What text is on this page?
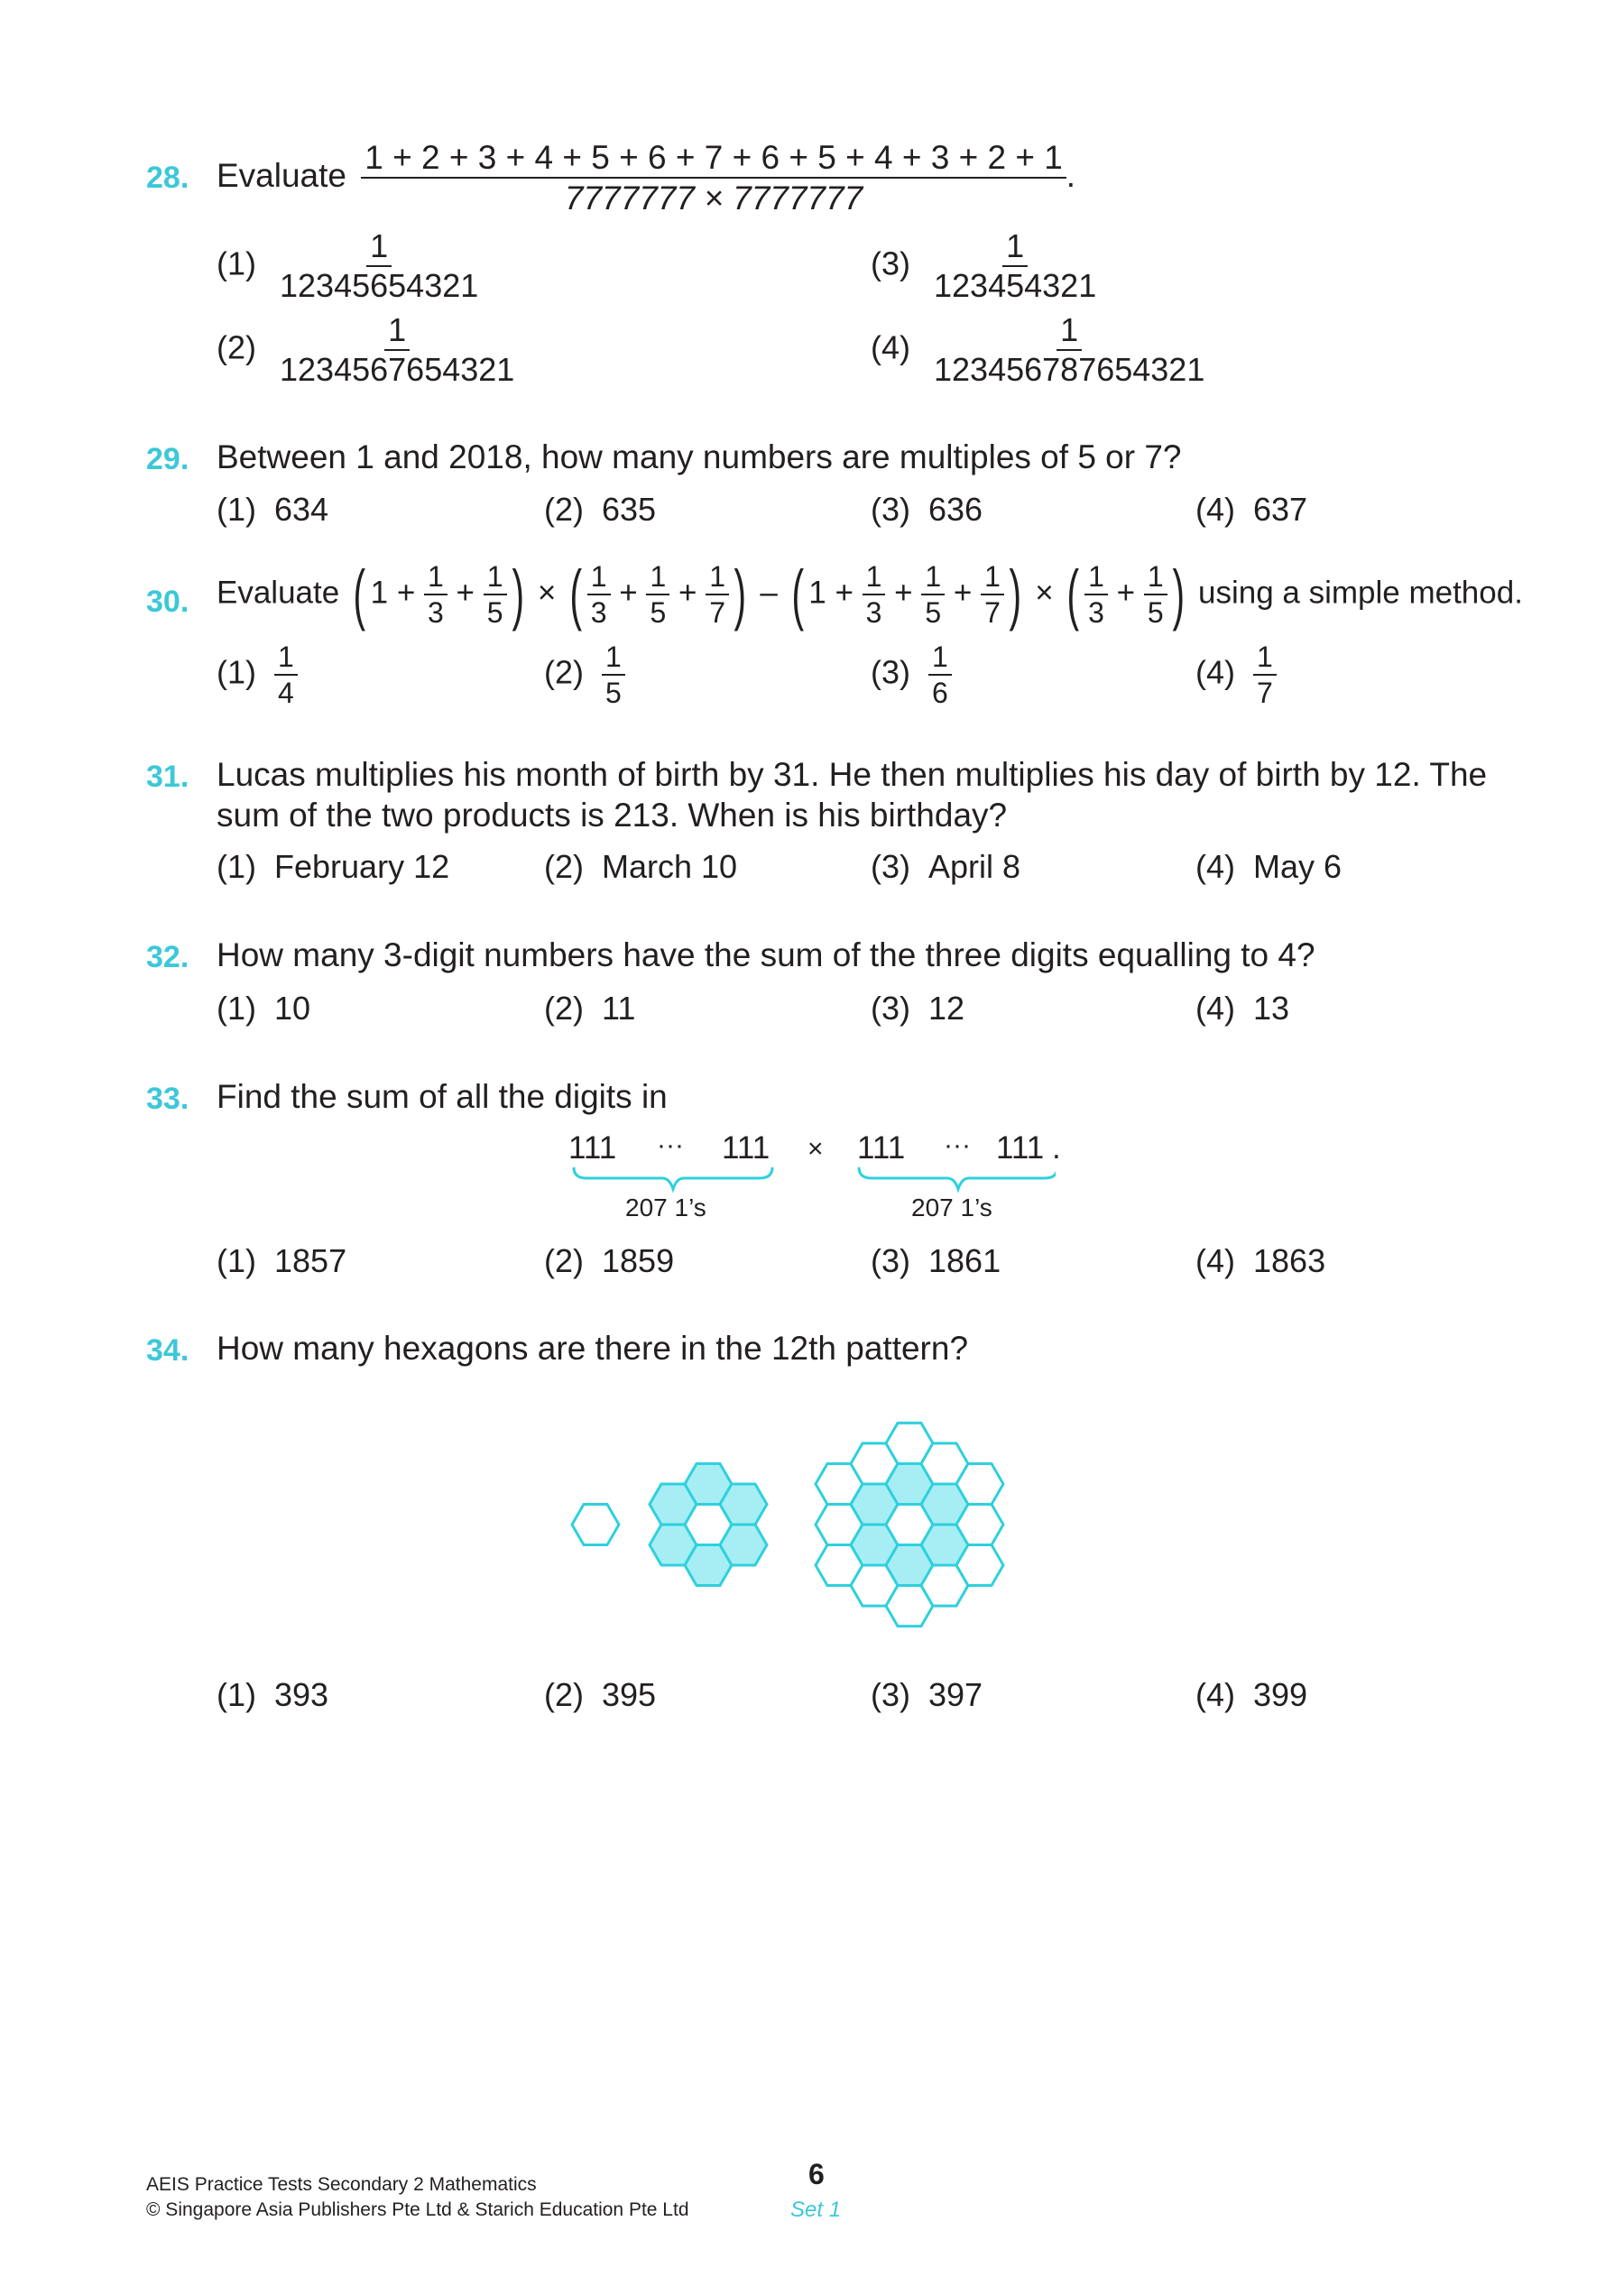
28. Evaluate $\frac{1 + 2 + 3 + 4 + 5 + 6 + 7 + 6 + 5 + 4 + 3 + 2 + 1}{7777777 \times 7777777}$ .
$(1) \frac{1}{12345654321}$
$(2) \frac{1}{1234567654321}$
$(3) \frac{1}{123454321}$
$(4) \frac{1}{123456787654321}$
29. Between 1 and 2018, how many numbers are multiples of 5 or 7?
(1) 634	(2) 635	(3) 636	(4) 637
30. Evaluate ( $1 + \frac{1}{3} + \frac{1}{5}$ ) × ( $\frac{1}{3} + \frac{1}{5} + \frac{1}{7}$ ) – ( $1 + \frac{1}{3} + \frac{1}{5} + \frac{1}{7}$ ) × ( $\frac{1}{3} + \frac{1}{5}$ ) using a simple method.
$(1) \frac{1}{4}$	$(2) \frac{1}{5}$	$(3) \frac{1}{6}$	$(4) \frac{1}{7}$
31. Lucas multiplies his month of birth by 31. He then multiplies his day of birth by 12. The
sum of the two products is 213. When is his birthday?
(1) February 12	(2) March 10	(3) April 8	(4) May 6
32. How many 3-digit numbers have the sum of the three digits equalling to 4?
(1) 10	(2) 11	(3) 12	(4) 13
33. Find the sum of all the digits in
111 ··· 111 × 111 ··· 111 .
207 1’s	207 1’s
(1) 1857	(2) 1859	(3) 1861	(4) 1863
34. How many hexagons are there in the 12th pattern?
(1) 393	(2) 395	(3) 397	(4) 399
AEIS Practice Tests Secondary 2 Mathematics
© Singapore Asia Publishers Pte Ltd & Starich Education Pte Ltd
6
Set 1
